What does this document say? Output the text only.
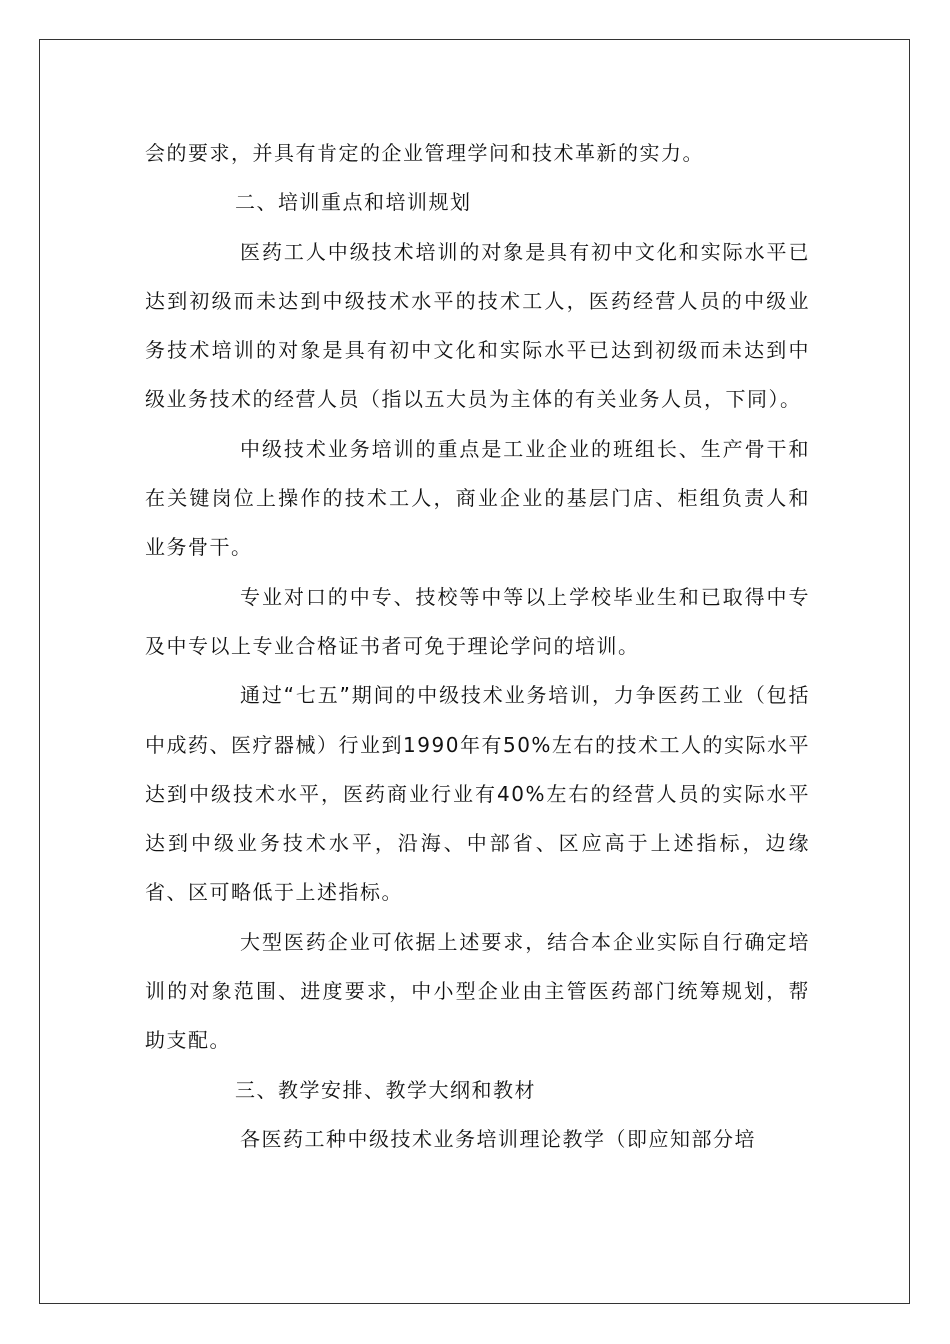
会的要求，并具有肯定的企业管理学问和技术革新的实力。

二、培训重点和培训规划

医药工人中级技术培训的对象是具有初中文化和实际水平已达到初级而未达到中级技术水平的技术工人，医药经营人员的中级业务技术培训的对象是具有初中文化和实际水平已达到初级而未达到中级业务技术的经营人员（指以五大员为主体的有关业务人员，下同）。

中级技术业务培训的重点是工业企业的班组长、生产骨干和在关键岗位上操作的技术工人，商业企业的基层门店、柜组负责人和业务骨干。

专业对口的中专、技校等中等以上学校毕业生和已取得中专及中专以上专业合格证书者可免于理论学问的培训。

通过“七五”期间的中级技术业务培训，力争医药工业（包括中成药、医疗器械）行业到1990年有50%左右的技术工人的实际水平达到中级技术水平，医药商业行业有40%左右的经营人员的实际水平达到中级业务技术水平，沿海、中部省、区应高于上述指标，边缘省、区可略低于上述指标。

大型医药企业可依据上述要求，结合本企业实际自行确定培训的对象范围、进度要求，中小型企业由主管医药部门统筹规划，帮助支配。

三、教学安排、教学大纲和教材

各医药工种中级技术业务培训理论教学（即应知部分培
